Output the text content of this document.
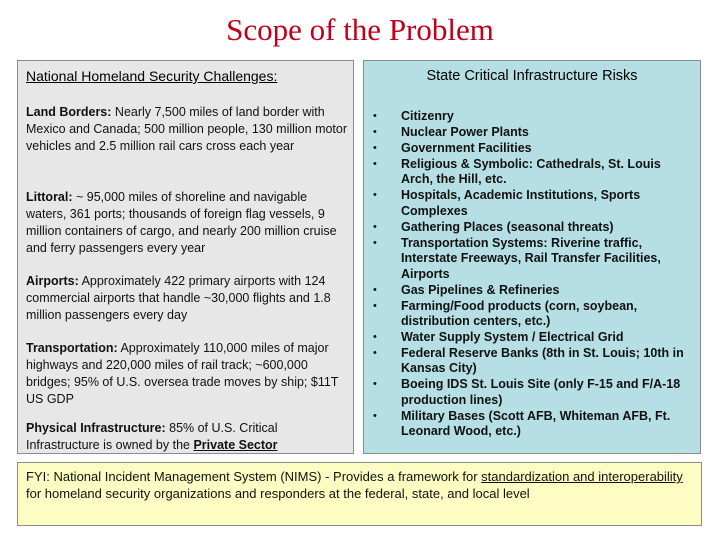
Scope of the Problem
National Homeland Security Challenges:
Land Borders: Nearly 7,500 miles of land border with Mexico and Canada; 500 million people, 130 million motor vehicles and 2.5 million rail cars cross each year
Littoral: ~ 95,000 miles of shoreline and navigable waters, 361 ports; thousands of foreign flag vessels, 9 million containers of cargo, and nearly 200 million cruise and ferry passengers every year
Airports: Approximately 422 primary airports with 124 commercial airports that handle ~30,000 flights and 1.8 million passengers every day
Transportation: Approximately 110,000 miles of major highways and 220,000 miles of rail track; ~600,000 bridges; 95% of U.S. oversea trade moves by ship; $11T US GDP
Physical Infrastructure: 85% of U.S. Critical Infrastructure is owned by the Private Sector
State Critical Infrastructure Risks
• Citizenry
• Nuclear Power Plants
• Government Facilities
• Religious & Symbolic: Cathedrals, St. Louis Arch, the Hill, etc.
• Hospitals, Academic Institutions, Sports Complexes
• Gathering Places (seasonal threats)
• Transportation Systems: Riverine traffic, Interstate Freeways, Rail Transfer Facilities, Airports
• Gas Pipelines & Refineries
• Farming/Food products (corn, soybean, distribution centers, etc.)
• Water Supply System / Electrical Grid
• Federal Reserve Banks (8th in St. Louis; 10th in Kansas City)
• Boeing IDS St. Louis Site (only F-15 and F/A-18 production lines)
• Military Bases (Scott AFB, Whiteman AFB, Ft. Leonard Wood, etc.)
FYI: National Incident Management System (NIMS) - Provides a framework for standardization and interoperability for homeland security organizations and responders at the federal, state, and local level
